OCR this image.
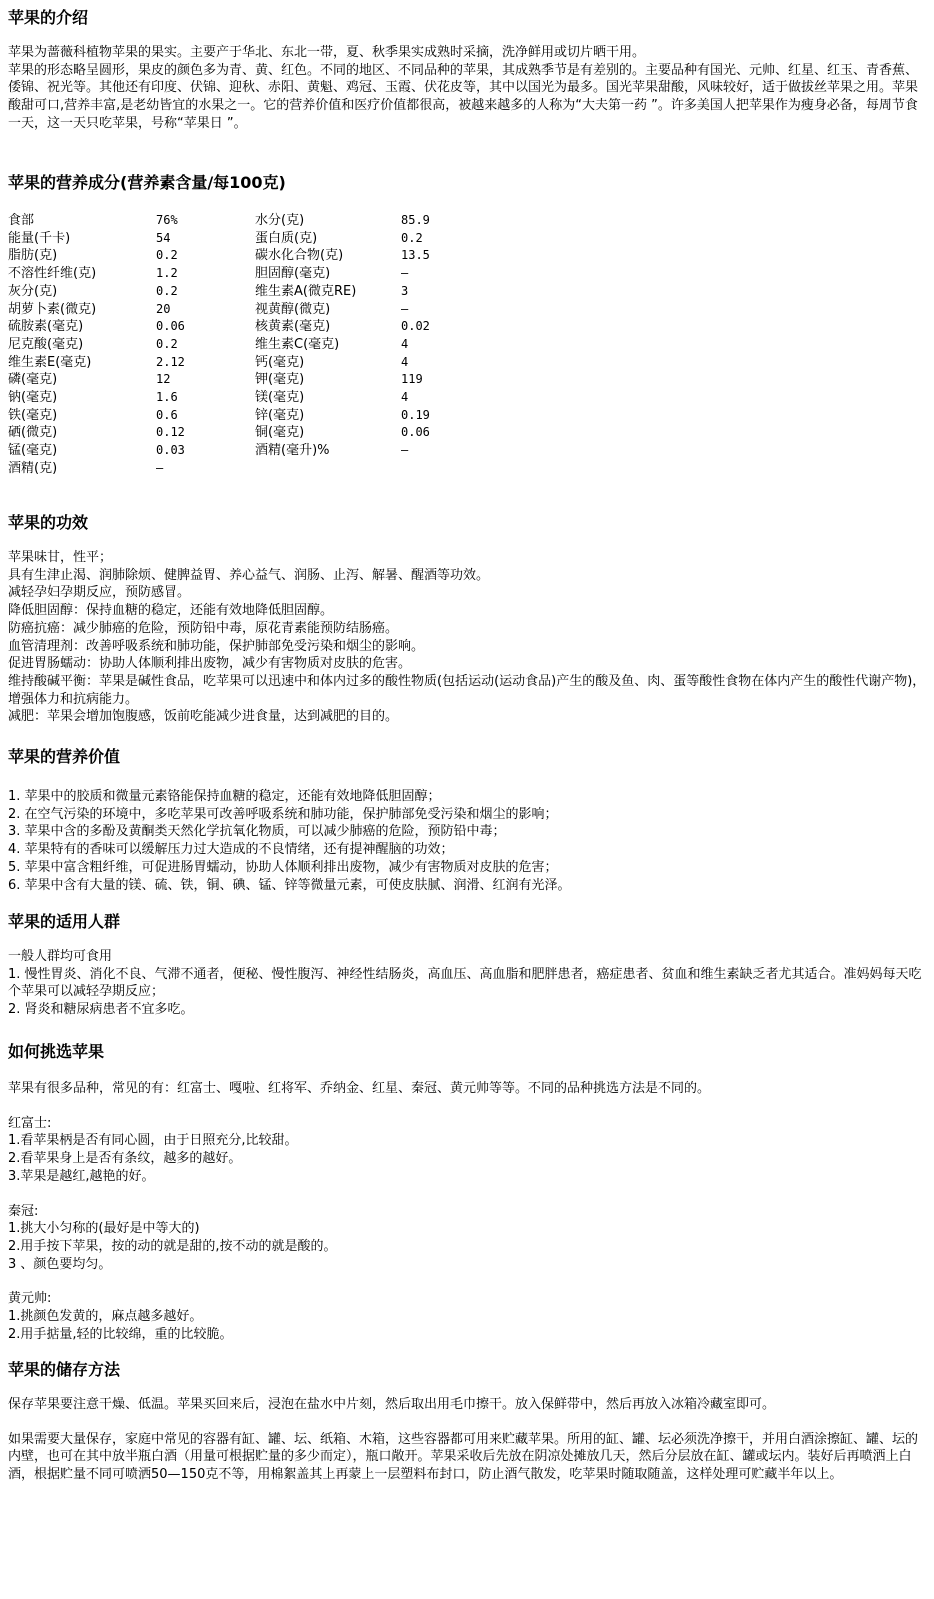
苹果的介绍

苹果为蔷薇科植物苹果的果实。主要产于华北、东北一带，夏、秋季果实成熟时采摘，洗净鲜用或切片晒干用。

苹果的形态略呈圆形，果皮的颜色多为青、黄、红色。不同的地区、不同品种的苹果，其成熟季节是有差别的。主要品种有国光、元帅、红星、红玉、青香蕉、倭锦、祝光等。其他还有印度、伏锦、迎秋、赤阳、黄魁、鸡冠、玉霞、伏花皮等，其中以国光为最多。国光苹果甜酸，风味较好，适于做拔丝苹果之用。苹果酸甜可口,营养丰富,是老幼皆宜的水果之一。它的营养价值和医疗价值都很高，被越来越多的人称为“大夫第一药 ”。许多美国人把苹果作为瘦身必备，每周节食一天，这一天只吃苹果，号称“苹果日 ”。

苹果的营养成分(营养素含量/每100克)
食部	76%	水分(克)	85.9
能量(千卡)	54	蛋白质(克)	0.2
脂肪(克)	0.2	碳水化合物(克)	13.5
不溶性纤维(克)	1.2	胆固醇(毫克)	—
灰分(克)	0.2	维生素A(微克RE)	3
胡萝卜素(微克)	20	视黄醇(微克)	—
硫胺素(毫克)	0.06	核黄素(毫克)	0.02
尼克酸(毫克)	0.2	维生素C(毫克)	4
维生素E(毫克)	2.12	钙(毫克)	4
磷(毫克)	12	钾(毫克)	119
钠(毫克)	1.6	镁(毫克)	4
铁(毫克)	0.6	锌(毫克)	0.19
硒(微克)	0.12	铜(毫克)	0.06
锰(毫克)	0.03	酒精(毫升)%	—
酒精(克)	—		
苹果的功效

苹果味甘，性平；

具有生津止渴、润肺除烦、健脾益胃、养心益气、润肠、止泻、解暑、醒酒等功效。

减轻孕妇孕期反应，预防感冒。

降低胆固醇：保持血糖的稳定，还能有效地降低胆固醇。

防癌抗癌：减少肺癌的危险，预防铅中毒，原花青素能预防结肠癌。

血管清理剂：改善呼吸系统和肺功能，保护肺部免受污染和烟尘的影响。

促进胃肠蠕动：协助人体顺利排出废物，减少有害物质对皮肤的危害。

维持酸碱平衡：苹果是碱性食品，吃苹果可以迅速中和体内过多的酸性物质(包括运动(运动食品)产生的酸及鱼、肉、蛋等酸性食物在体内产生的酸性代谢产物)，增强体力和抗病能力。

减肥：苹果会增加饱腹感，饭前吃能减少进食量，达到减肥的目的。

苹果的营养价值

1. 苹果中的胶质和微量元素铬能保持血糖的稳定，还能有效地降低胆固醇；

2. 在空气污染的环境中，多吃苹果可改善呼吸系统和肺功能，保护肺部免受污染和烟尘的影响；

3. 苹果中含的多酚及黄酮类天然化学抗氧化物质，可以减少肺癌的危险，预防铅中毒；

4. 苹果特有的香味可以缓解压力过大造成的不良情绪，还有提神醒脑的功效；

5. 苹果中富含粗纤维，可促进肠胃蠕动，协助人体顺利排出废物，减少有害物质对皮肤的危害；

6. 苹果中含有大量的镁、硫、铁，铜、碘、锰、锌等微量元素，可使皮肤腻、润滑、红润有光泽。

苹果的适用人群

一般人群均可食用

1. 慢性胃炎、消化不良、气滞不通者，便秘、慢性腹泻、神经性结肠炎，高血压、高血脂和肥胖患者，癌症患者、贫血和维生素缺乏者尤其适合。准妈妈每天吃个苹果可以减轻孕期反应；

2. 肾炎和糖尿病患者不宜多吃。

如何挑选苹果

苹果有很多品种，常见的有：红富士、嘎啦、红将军、乔纳金、红星、秦冠、黄元帅等等。不同的品种挑选方法是不同的。

红富士:

1.看苹果柄是否有同心圆，由于日照充分,比较甜。

2.看苹果身上是否有条纹，越多的越好。

3.苹果是越红,越艳的好。

秦冠:

1.挑大小匀称的(最好是中等大的)

2.用手按下苹果，按的动的就是甜的,按不动的就是酸的。

3 、颜色要均匀。

黄元帅:

1.挑颜色发黄的，麻点越多越好。

2.用手掂量,轻的比较绵，重的比较脆。

苹果的储存方法

保存苹果要注意干燥、低温。苹果买回来后，浸泡在盐水中片刻，然后取出用毛巾擦干。放入保鲜带中，然后再放入冰箱冷藏室即可。

如果需要大量保存，家庭中常见的容器有缸、罐、坛、纸箱、木箱，这些容器都可用来贮藏苹果。所用的缸、罐、坛必须洗净擦干，并用白酒涂擦缸、罐、坛的内壁，也可在其中放半瓶白酒（用量可根据贮量的多少而定），瓶口敞开。苹果采收后先放在阴凉处摊放几天，然后分层放在缸、罐或坛内。装好后再喷洒上白酒，根据贮量不同可喷洒50—150克不等，用棉絮盖其上再蒙上一层塑料布封口，防止酒气散发，吃苹果时随取随盖，这样处理可贮藏半年以上。
